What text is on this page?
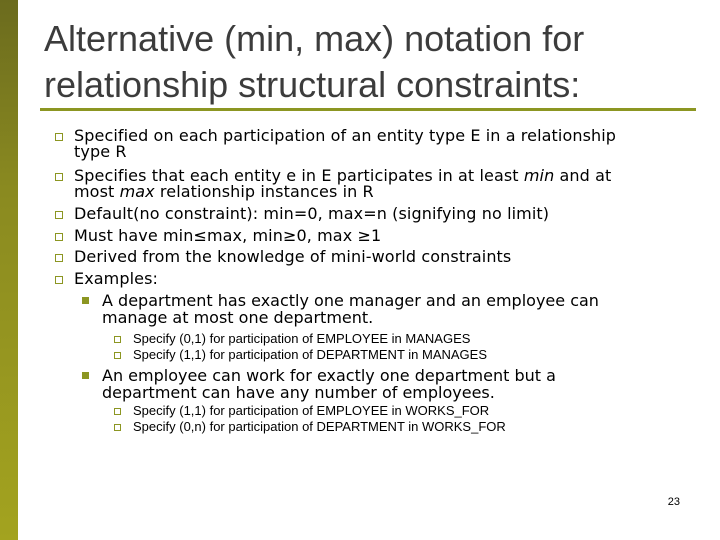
Alternative (min, max) notation for
relationship structural constraints:
Specified on each participation of an entity type E in a relationship
type R
Specifies that each entity e in E participates in at least min and at
most max relationship instances in R
Default(no constraint): min=0, max=n (signifying no limit)
Must have min≤max, min≥0, max ≥1
Derived from the knowledge of mini-world constraints
Examples:
A department has exactly one manager and an employee can
manage at most one department.
Specify (0,1) for participation of EMPLOYEE in MANAGES
Specify (1,1) for participation of DEPARTMENT in MANAGES
An employee can work for exactly one department but a
department can have any number of employees.
Specify (1,1) for participation of EMPLOYEE in WORKS_FOR
Specify (0,n) for participation of DEPARTMENT in WORKS_FOR
23
